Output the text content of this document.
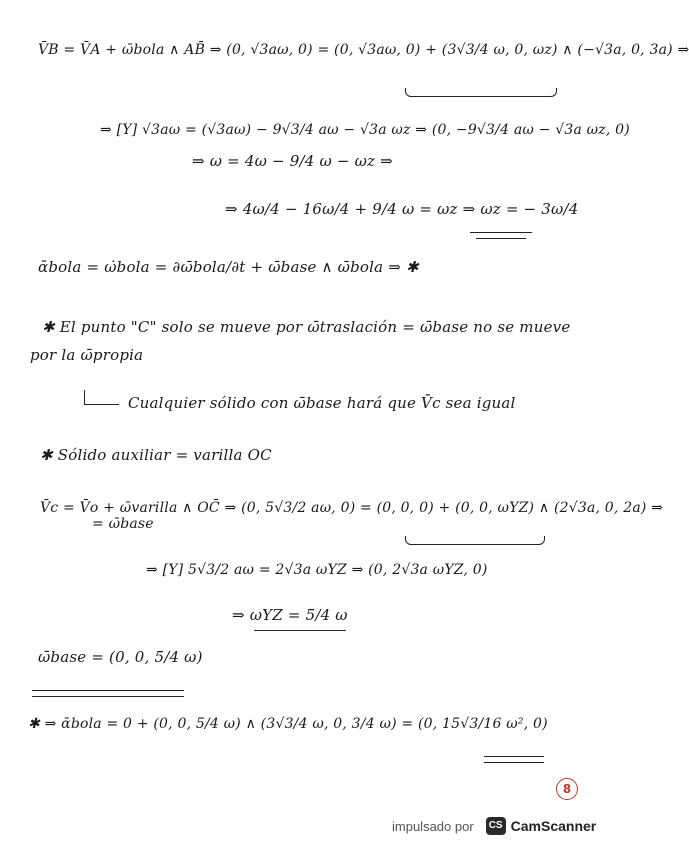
V̄B = V̄A + ω̄bola ∧ AB̄ ⇒ (0, √3aω, 0) = (0, √3aω, 0) + (3√3/4 ω, 0, ωz) ∧ (−√3a, 0, 3a) ⇒
⇒ [Y] √3aω = (√3aω) − 9√3/4 aω − √3a ωz ⇒ (0, −9√3/4 aω − √3a ωz, 0)
⇒ ω = 4ω − 9/4 ω − ωz ⇒
⇒ 4ω/4 − 16ω/4 + 9/4 ω = ωz ⇒ ωz = − 3ω/4
ᾱbola = ω̇bola = ∂ω̄bola/∂t + ω̄base ∧ ω̄bola ⇒ ✱
✱ El punto "C" solo se mueve por ω̄traslación = ω̄base no se mueve
por la ω̄propia
Cualquier sólido con ω̄base hará que V̄c sea igual
✱ Sólido auxiliar = varilla OC
V̄c = V̄o + ω̄varilla ∧ OC̄ ⇒ (0, 5√3/2 aω, 0) = (0, 0, 0) + (0, 0, ωYZ) ∧ (2√3a, 0, 2a) ⇒
= ω̄base
⇒ [Y] 5√3/2 aω = 2√3a ωYZ ⇒ (0, 2√3a ωYZ, 0)
⇒ ωYZ = 5/4 ω
ω̄base = (0, 0, 5/4 ω)
✱ ⇒ ᾱbola = 0 + (0, 0, 5/4 ω) ∧ (3√3/4 ω, 0, 3/4 ω) = (0, 15√3/16 ω², 0)
8
impulsado por	CS CamScanner
